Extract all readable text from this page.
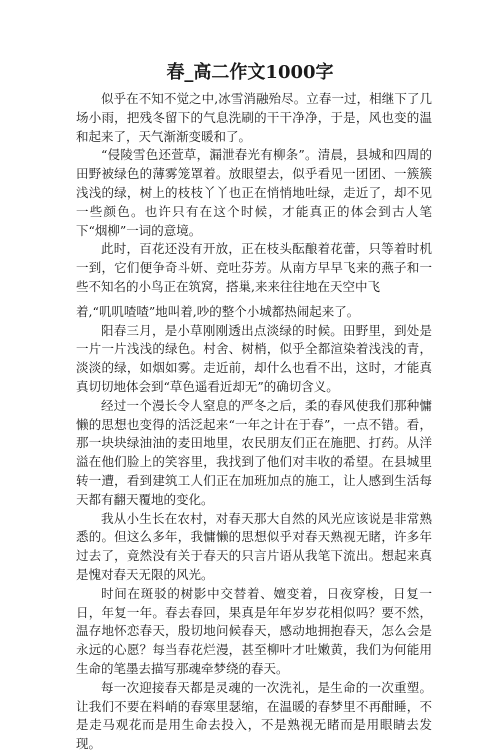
春_高二作文1000字

似乎在不知不觉之中,冰雪消融殆尽。立春一过，相继下了几场小雨，把残冬留下的气息洗刷的干干净净，于是，风也变的温和起来了，天气渐渐变暖和了。

“侵陵雪色还萱草，漏泄春光有柳条”。清晨，县城和四周的田野被绿色的薄雾笼罩着。放眼望去，似乎看见一团团、一簇簇浅浅的绿，树上的枝枝丫丫也正在悄悄地吐绿，走近了，却不见一些颜色。也许只有在这个时候，才能真正的体会到古人笔下“烟柳”一词的意境。

此时，百花还没有开放，正在枝头酝酿着花蕾，只等着时机一到，它们便争奇斗妍、竞吐芬芳。从南方早早飞来的燕子和一些不知名的小鸟正在筑窝，搭巢,来来往往地在天空中飞

着,“叽叽喳喳”地叫着,吵的整个小城都热闹起来了。

阳春三月，是小草刚刚透出点淡绿的时候。田野里，到处是一片一片浅浅的绿色。村舍、树梢，似乎全都渲染着浅浅的青，淡淡的绿，如烟如雾。走近前，却什么也看不出，这时，才能真真切切地体会到“草色遥看近却无”的确切含义。

经过一个漫长令人窒息的严冬之后，柔的春风使我们那种慵懒的思想也变得的活泛起来“一年之计在于春”，一点不错。看，那一块块绿油油的麦田地里，农民朋友们正在施肥、打药。从洋溢在他们脸上的笑容里，我找到了他们对丰收的希望。在县城里转一遭，看到建筑工人们正在加班加点的施工，让人感到生活每天都有翻天覆地的变化。

我从小生长在农村，对春天那大自然的风光应该说是非常熟悉的。但这么多年，我慵懒的思想似乎对春天熟视无睹，许多年过去了，竟然没有关于春天的只言片语从我笔下流出。想起来真是愧对春天无限的风光。

时间在斑驳的树影中交替着、嬗变着，日夜穿梭，日复一日，年复一年。春去春回，果真是年年岁岁花相似吗？要不然，温存地怀恋春天，殷切地问候春天，感动地拥抱春天，怎么会是永远的心愿？每当春花烂漫，甚至柳叶才吐嫩黄，我们为何能用生命的笔墨去描写那魂牵梦绕的春天。

每一次迎接春天都是灵魂的一次洗礼，是生命的一次重塑。让我们不要在料峭的春寒里瑟缩，在温暖的春梦里不再酣睡，不是走马观花而是用生命去投入，不是熟视无睹而是用眼睛去发现。
